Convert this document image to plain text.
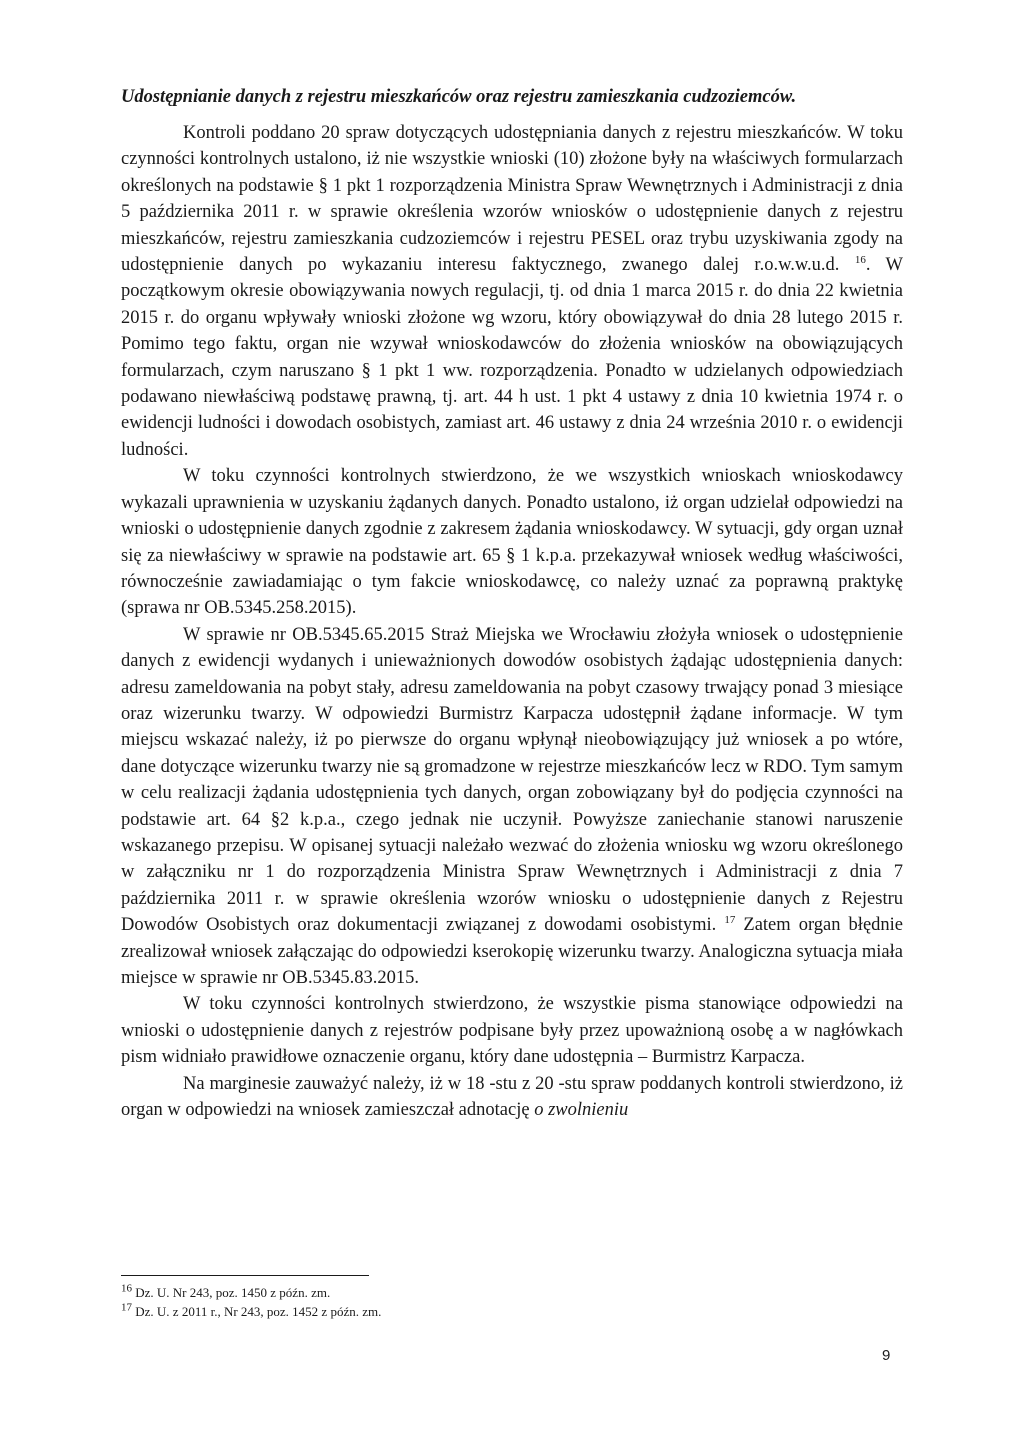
Udostępnianie danych z rejestru mieszkańców oraz rejestru zamieszkania cudzoziemców.

Kontroli poddano 20 spraw dotyczących udostępniania danych z rejestru mieszkańców. W toku czynności kontrolnych ustalono, iż nie wszystkie wnioski (10) złożone były na właściwych formularzach określonych na podstawie § 1 pkt 1 rozporządzenia Ministra Spraw Wewnętrznych i Administracji z dnia 5 października 2011 r. w sprawie określenia wzorów wniosków o udostępnienie danych z rejestru mieszkańców, rejestru zamieszkania cudzoziemców i rejestru PESEL oraz trybu uzyskiwania zgody na udostępnienie danych po wykazaniu interesu faktycznego, zwanego dalej r.o.w.w.u.d. $^{16}$. W początkowym okresie obowiązywania nowych regulacji, tj. od dnia 1 marca 2015 r. do dnia 22 kwietnia 2015 r. do organu wpływały wnioski złożone wg wzoru, który obowiązywał do dnia 28 lutego 2015 r. Pomimo tego faktu, organ nie wzywał wnioskodawców do złożenia wniosków na obowiązujących formularzach, czym naruszano § 1 pkt 1 ww. rozporządzenia. Ponadto w udzielanych odpowiedziach podawano niewłaściwą podstawę prawną, tj. art. 44 h ust. 1 pkt 4 ustawy z dnia 10 kwietnia 1974 r. o ewidencji ludności i dowodach osobistych, zamiast art. 46 ustawy z dnia 24 września 2010 r. o ewidencji ludności.

W toku czynności kontrolnych stwierdzono, że we wszystkich wnioskach wnioskodawcy wykazali uprawnienia w uzyskaniu żądanych danych. Ponadto ustalono, iż organ udzielał odpowiedzi na wnioski o udostępnienie danych zgodnie z zakresem żądania wnioskodawcy. W sytuacji, gdy organ uznał się za niewłaściwy w sprawie na podstawie art. 65 § 1 k.p.a. przekazywał wniosek według właściwości, równocześnie zawiadamiając o tym fakcie wnioskodawcę, co należy uznać za poprawną praktykę (sprawa nr OB.5345.258.2015).

W sprawie nr OB.5345.65.2015 Straż Miejska we Wrocławiu złożyła wniosek o udostępnienie danych z ewidencji wydanych i unieważnionych dowodów osobistych żądając udostępnienia danych: adresu zameldowania na pobyt stały, adresu zameldowania na pobyt czasowy trwający ponad 3 miesiące oraz wizerunku twarzy. W odpowiedzi Burmistrz Karpacza udostępnił żądane informacje. W tym miejscu wskazać należy, iż po pierwsze do organu wpłynął nieobowiązujący już wniosek a po wtóre, dane dotyczące wizerunku twarzy nie są gromadzone w rejestrze mieszkańców lecz w RDO. Tym samym w celu realizacji żądania udostępnienia tych danych, organ zobowiązany był do podjęcia czynności na podstawie art. 64 §2 k.p.a., czego jednak nie uczynił. Powyższe zaniechanie stanowi naruszenie wskazanego przepisu. W opisanej sytuacji należało wezwać do złożenia wniosku wg wzoru określonego w załączniku nr 1 do rozporządzenia Ministra Spraw Wewnętrznych i Administracji z dnia 7 października 2011 r. w sprawie określenia wzorów wniosku o udostępnienie danych z Rejestru Dowodów Osobistych oraz dokumentacji związanej z dowodami osobistymi. $^{17}$ Zatem organ błędnie zrealizował wniosek załączając do odpowiedzi kserokopię wizerunku twarzy. Analogiczna sytuacja miała miejsce w sprawie nr OB.5345.83.2015.

W toku czynności kontrolnych stwierdzono, że wszystkie pisma stanowiące odpowiedzi na wnioski o udostępnienie danych z rejestrów podpisane były przez upoważnioną osobę a w nagłówkach pism widniało prawidłowe oznaczenie organu, który dane udostępnia – Burmistrz Karpacza.

Na marginesie zauważyć należy, iż w 18 -stu z 20 -stu spraw poddanych kontroli stwierdzono, iż organ w odpowiedzi na wniosek zamieszczał adnotację o zwolnieniu

$^{16}$ Dz. U. Nr 243, poz. 1450 z późn. zm.

$^{17}$ Dz. U. z 2011 r., Nr 243, poz. 1452 z późn. zm.

9
